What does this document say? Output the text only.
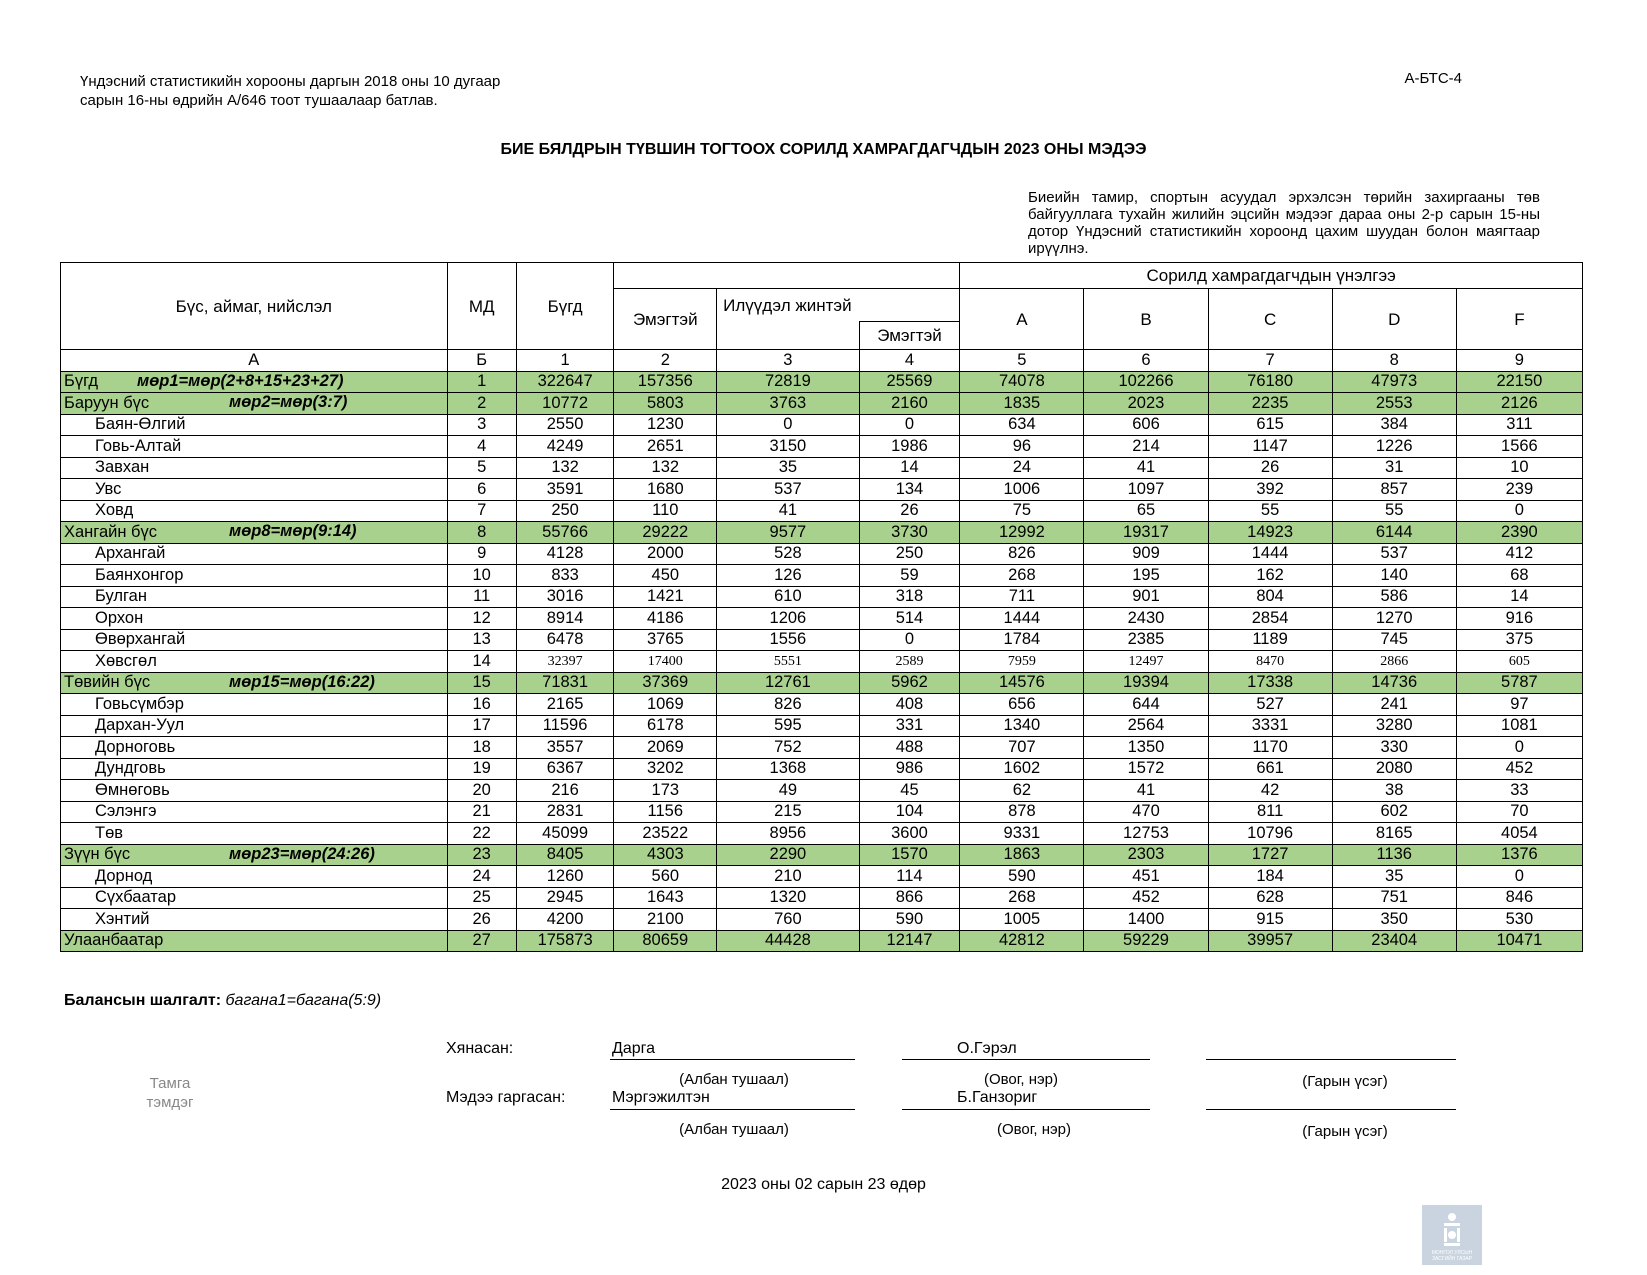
Үндэсний статистикийн хорооны даргын 2018 оны 10 дугаар
сарын 16-ны өдрийн А/646 тоот тушаалаар батлав.
А-БТС-4
БИЕ БЯЛДРЫН ТҮВШИН ТОГТООХ СОРИЛД ХАМРАГДАГЧДЫН 2023 ОНЫ МЭДЭЭ
Биеийн тамир, спортын асуудал эрхэлсэн төрийн захиргааны төв байгууллага тухайн жилийн эцсийн мэдээг дараа оны 2-р сарын 15-ны дотор Үндэсний статистикийн хороонд цахим шуудан болон маягтаар ирүүлнэ.
Бүс, аймаг, нийслэл	МД	Бүгд				Сорилд хамрагдагчдын үнэлгээ				
			Эмэгтэй	Илүүдэл жинтэй		A	B	C	D	F
					Эмэгтэй					
А	Б	1	2	3	4	5	6	7	8	9
Бүгд мөр1=мөр(2+8+15+23+27)	1	322647	157356	72819	25569	74078	102266	76180	47973	22150
Баруун бүс мөр2=мөр(3:7)	2	10772	5803	3763	2160	1835	2023	2235	2553	2126
Баян-Өлгий	3	2550	1230	0	0	634	606	615	384	311
Говь-Алтай	4	4249	2651	3150	1986	96	214	1147	1226	1566
Завхан	5	132	132	35	14	24	41	26	31	10
Увс	6	3591	1680	537	134	1006	1097	392	857	239
Ховд	7	250	110	41	26	75	65	55	55	0
Хангайн бүс мөр8=мөр(9:14)	8	55766	29222	9577	3730	12992	19317	14923	6144	2390
Архангай	9	4128	2000	528	250	826	909	1444	537	412
Баянхонгор	10	833	450	126	59	268	195	162	140	68
Булган	11	3016	1421	610	318	711	901	804	586	14
Орхон	12	8914	4186	1206	514	1444	2430	2854	1270	916
Өвөрхангай	13	6478	3765	1556	0	1784	2385	1189	745	375
Хөвсгөл	14	32397	17400	5551	2589	7959	12497	8470	2866	605
Төвийн бүс мөр15=мөр(16:22)	15	71831	37369	12761	5962	14576	19394	17338	14736	5787
Говьсүмбэр	16	2165	1069	826	408	656	644	527	241	97
Дархан-Уул	17	11596	6178	595	331	1340	2564	3331	3280	1081
Дорноговь	18	3557	2069	752	488	707	1350	1170	330	0
Дундговь	19	6367	3202	1368	986	1602	1572	661	2080	452
Өмнөговь	20	216	173	49	45	62	41	42	38	33
Сэлэнгэ	21	2831	1156	215	104	878	470	811	602	70
Төв	22	45099	23522	8956	3600	9331	12753	10796	8165	4054
Зүүн бүс мөр23=мөр(24:26)	23	8405	4303	2290	1570	1863	2303	1727	1136	1376
Дорнод	24	1260	560	210	114	590	451	184	35	0
Сүхбаатар	25	2945	1643	1320	866	268	452	628	751	846
Хэнтий	26	4200	2100	760	590	1005	1400	915	350	530
Улаанбаатар	27	175873	80659	44428	12147	42812	59229	39957	23404	10471
Балансын шалгалт: багана1=багана(5:9)
Тамга
тэмдэг
Хянасан:	Дарга	О.Гэрэл
(Албан тушаал)	(Овог, нэр)	(Гарын үсэг)
Мэдээ гаргасан:	Мэргэжилтэн	Б.Ганзориг
(Албан тушаал)	(Овог, нэр)	(Гарын үсэг)
2023 оны 02 сарын 23 өдөр
МОНГОЛ УЛСЫН
ЗАСГИЙН ГАЗАР
